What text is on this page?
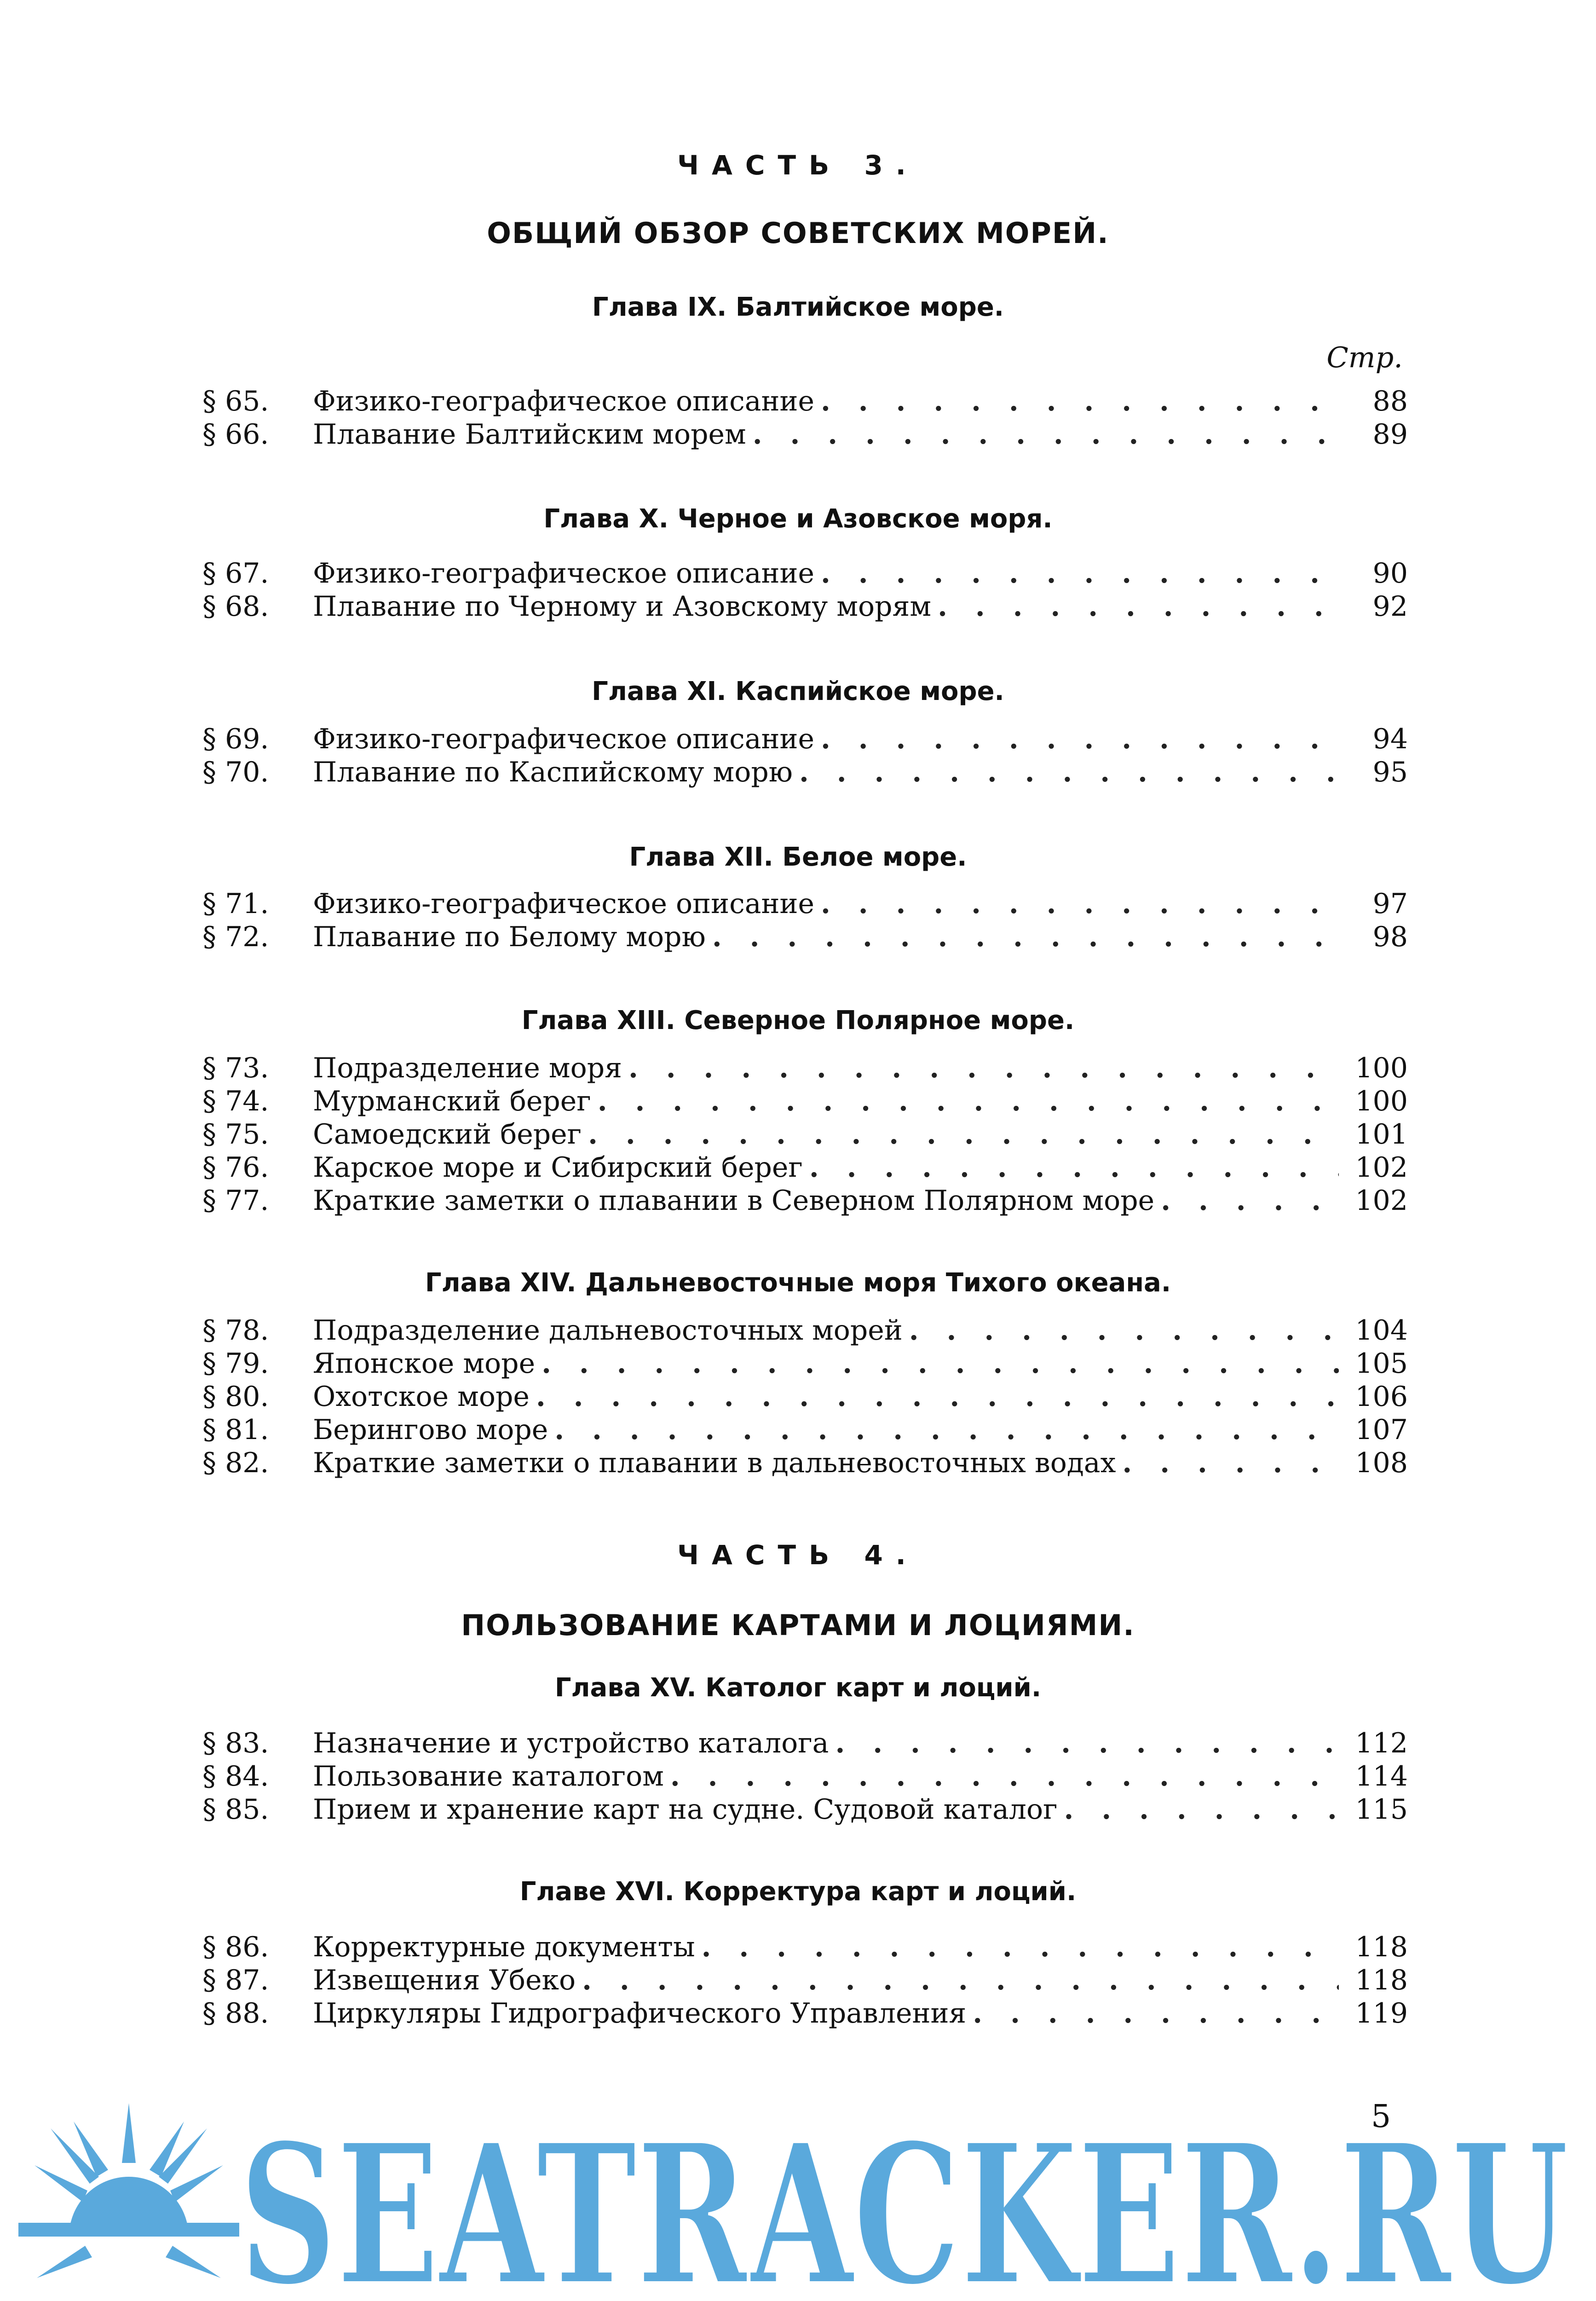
ЧАСТЬ 3.
ОБЩИЙ ОБЗОР СОВЕТСКИХ МОРЕЙ.
Глава IX. Балтийское море.
Стр.
§ 65.	Физико-географическое описание . . .	88
§ 66.	Плавание Балтийским морем . . .	89
Глава X. Черное и Азовское моря.
§ 67.	Физико-географическое описание . . .	90
§ 68.	Плавание по Черному и Азовскому морям . . .	92
Глава XI. Каспийское море.
§ 69.	Физико-географическое описание . . .	94
§ 70.	Плавание по Каспийскому морю . . .	95
Глава XII. Белое море.
§ 71.	Физико-географическое описание . . .	97
§ 72.	Плавание по Белому морю . . .	98
Глава XIII. Северное Полярное море.
§ 73.	Подразделение моря . . .	100
§ 74.	Мурманский берег . . .	100
§ 75.	Самоедский берег . . .	101
§ 76.	Карское море и Сибирский берег . . .	102
§ 77.	Краткие заметки о плавании в Северном Полярном море . . .	102
Глава XIV. Дальневосточные моря Тихого океана.
§ 78.	Подразделение дальневосточных морей . . .	104
§ 79.	Японское море . . .	105
§ 80.	Охотское море . . .	106
§ 81.	Берингово море . . .	107
§ 82.	Краткие заметки о плавании в дальневосточных водах . . .	108
ЧАСТЬ 4.
ПОЛЬЗОВАНИЕ КАРТАМИ И ЛОЦИЯМИ.
Глава XV. Католог карт и лоций.
§ 83.	Назначение и устройство каталога . . .	112
§ 84.	Пользование каталогом . . .	114
§ 85.	Прием и хранение карт на судне. Судовой каталог . . .	115
Главе XVI. Корректура карт и лоций.
§ 86.	Корректурные документы . . .	118
§ 87.	Извещения Убеко . . .	118
§ 88.	Циркуляры Гидрографического Управления . . .	119
5
SEATRACKER.RU
